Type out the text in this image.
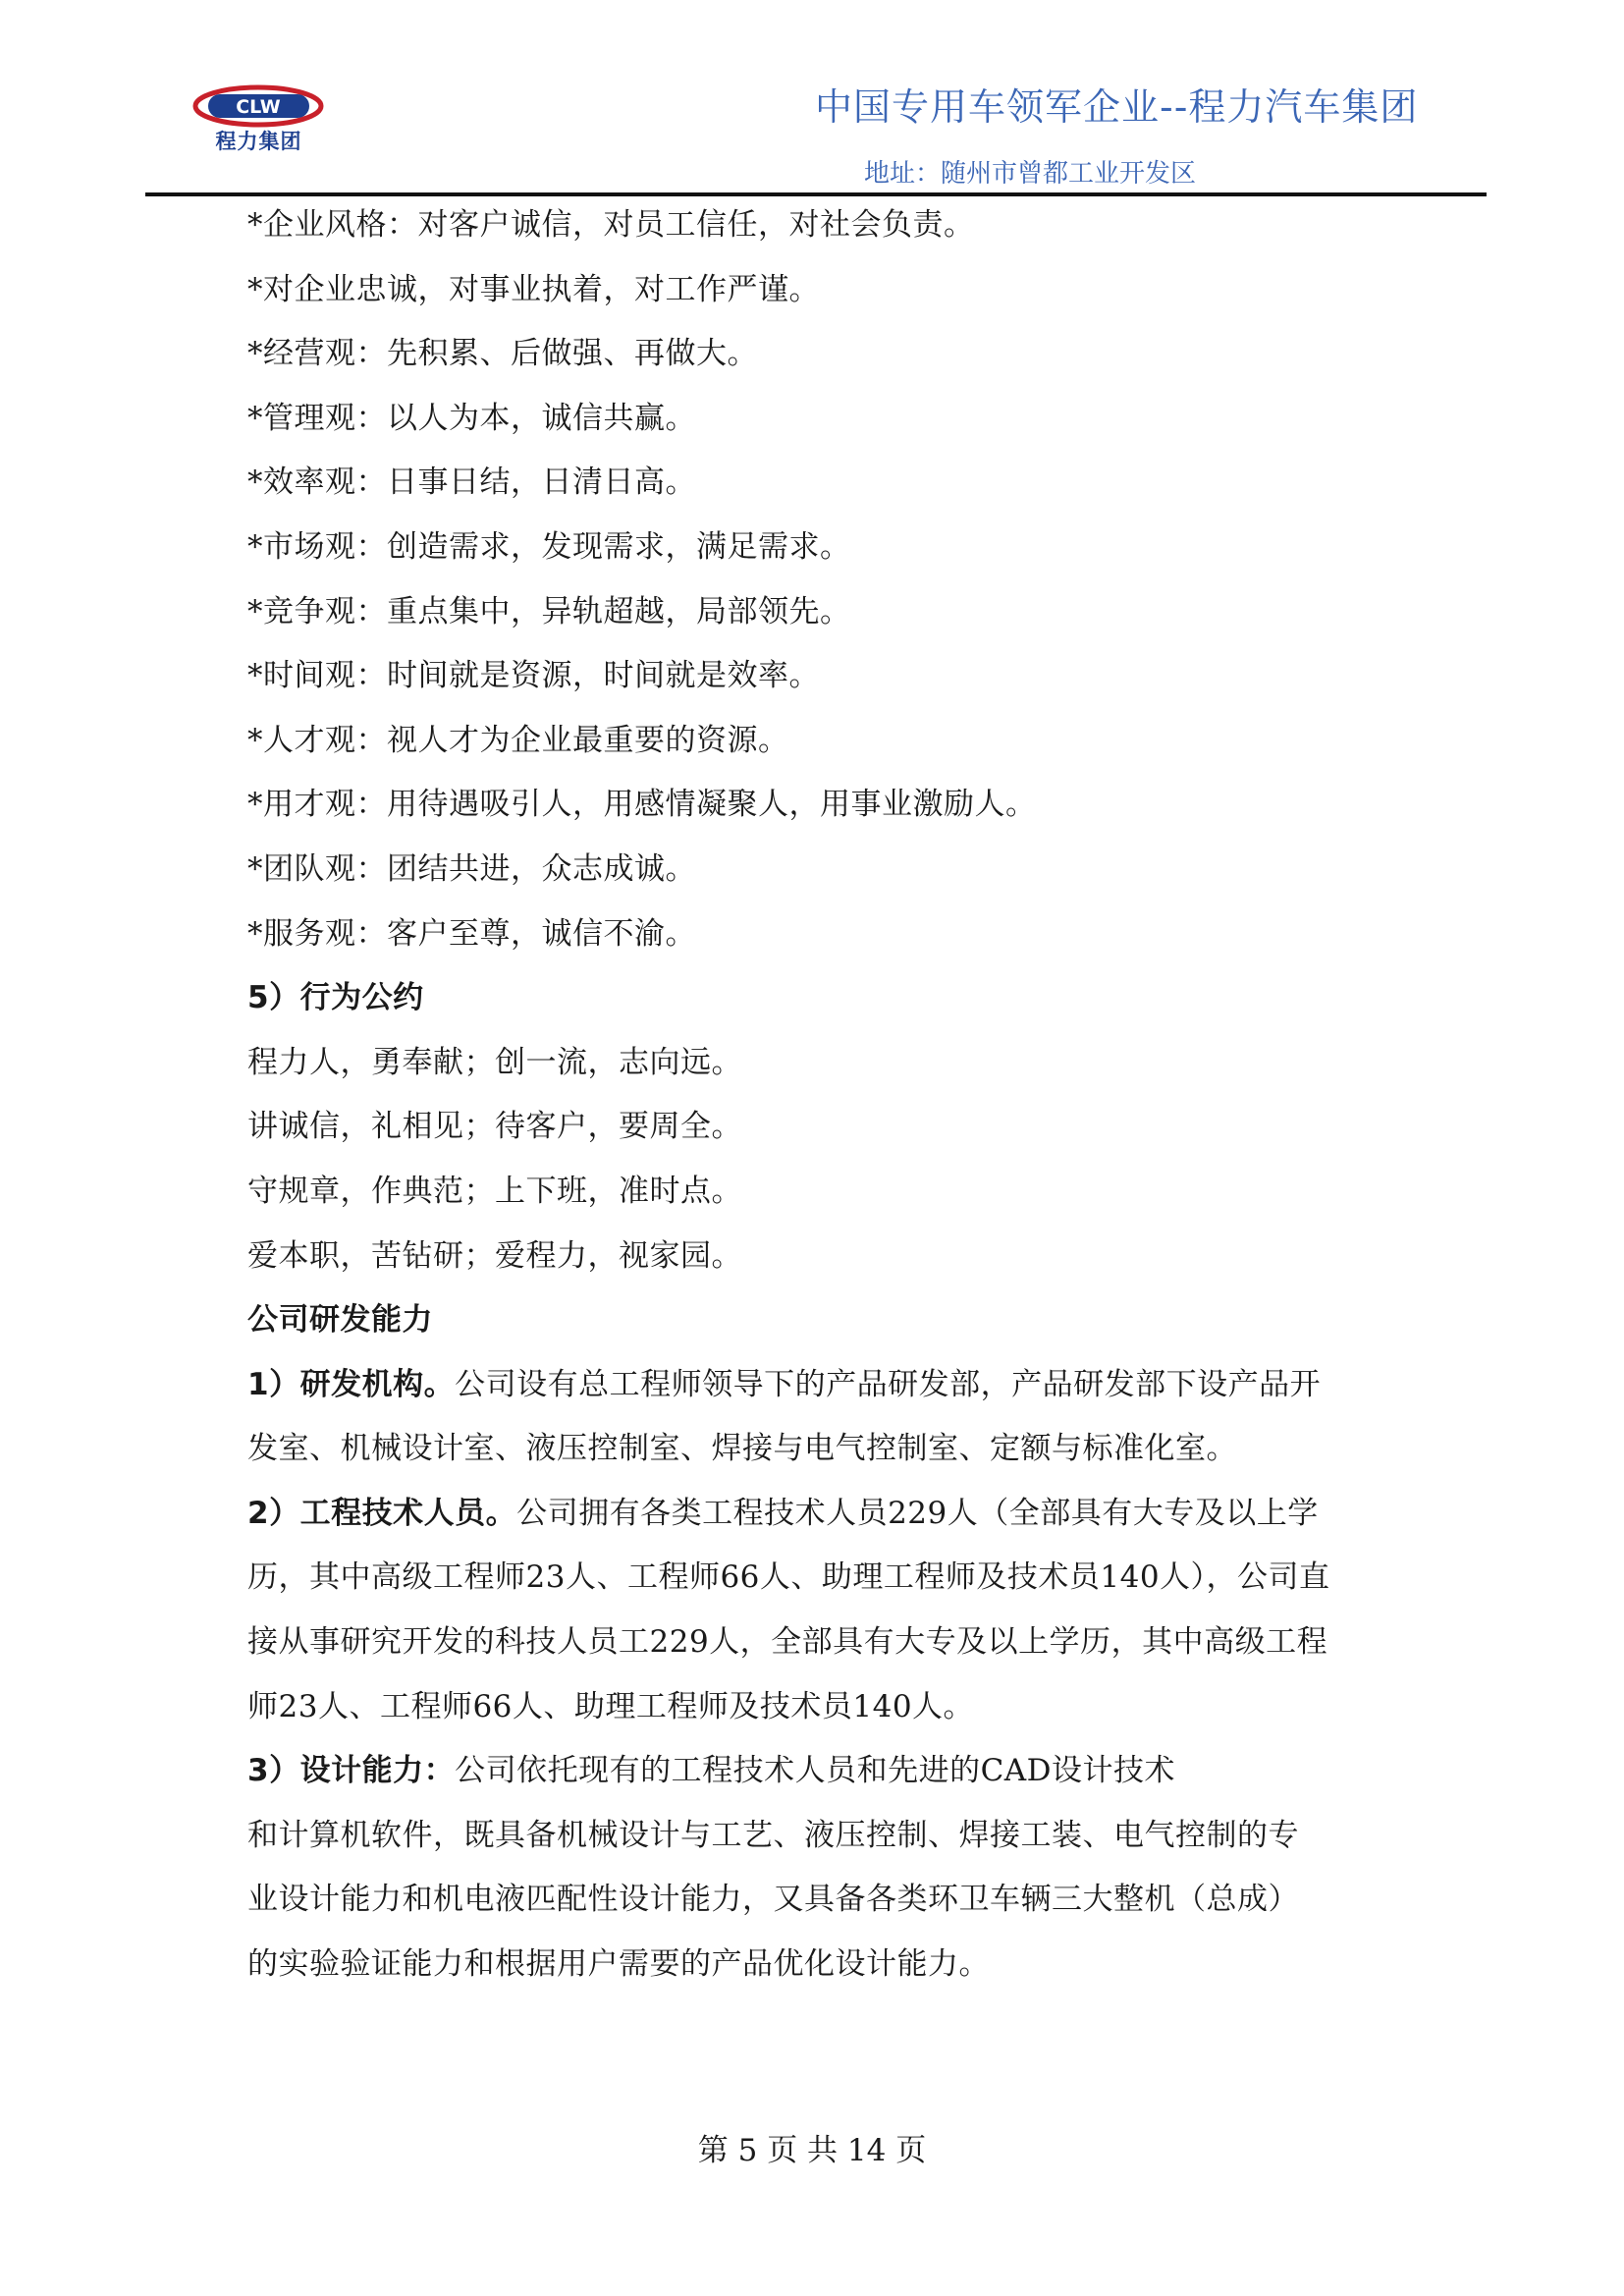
CLW
程力集团
中国专用车领军企业--程力汽车集团
地址：随州市曾都工业开发区
*企业风格：对客户诚信，对员工信任，对社会负责。
*对企业忠诚，对事业执着，对工作严谨。
*经营观：先积累、后做强、再做大。
*管理观：以人为本，诚信共赢。
*效率观：日事日结，日清日高。
*市场观：创造需求，发现需求，满足需求。
*竞争观：重点集中，异轨超越，局部领先。
*时间观：时间就是资源，时间就是效率。
*人才观：视人才为企业最重要的资源。
*用才观：用待遇吸引人，用感情凝聚人，用事业激励人。
*团队观：团结共进，众志成诚。
*服务观：客户至尊，诚信不渝。
5）行为公约
程力人，勇奉献；创一流，志向远。
讲诚信，礼相见；待客户，要周全。
守规章，作典范；上下班，准时点。
爱本职，苦钻研；爱程力，视家园。
公司研发能力
1）研发机构。公司设有总工程师领导下的产品研发部，产品研发部下设产品开
发室、机械设计室、液压控制室、焊接与电气控制室、定额与标准化室。
2）工程技术人员。公司拥有各类工程技术人员229人（全部具有大专及以上学
历，其中高级工程师23人、工程师66人、助理工程师及技术员140人），公司直
接从事研究开发的科技人员工229人，全部具有大专及以上学历，其中高级工程
师23人、工程师66人、助理工程师及技术员140人。
3）设计能力：公司依托现有的工程技术人员和先进的CAD设计技术
和计算机软件，既具备机械设计与工艺、液压控制、焊接工装、电气控制的专
业设计能力和机电液匹配性设计能力，又具备各类环卫车辆三大整机（总成）
的实验验证能力和根据用户需要的产品优化设计能力。
第 5 页 共 14 页
